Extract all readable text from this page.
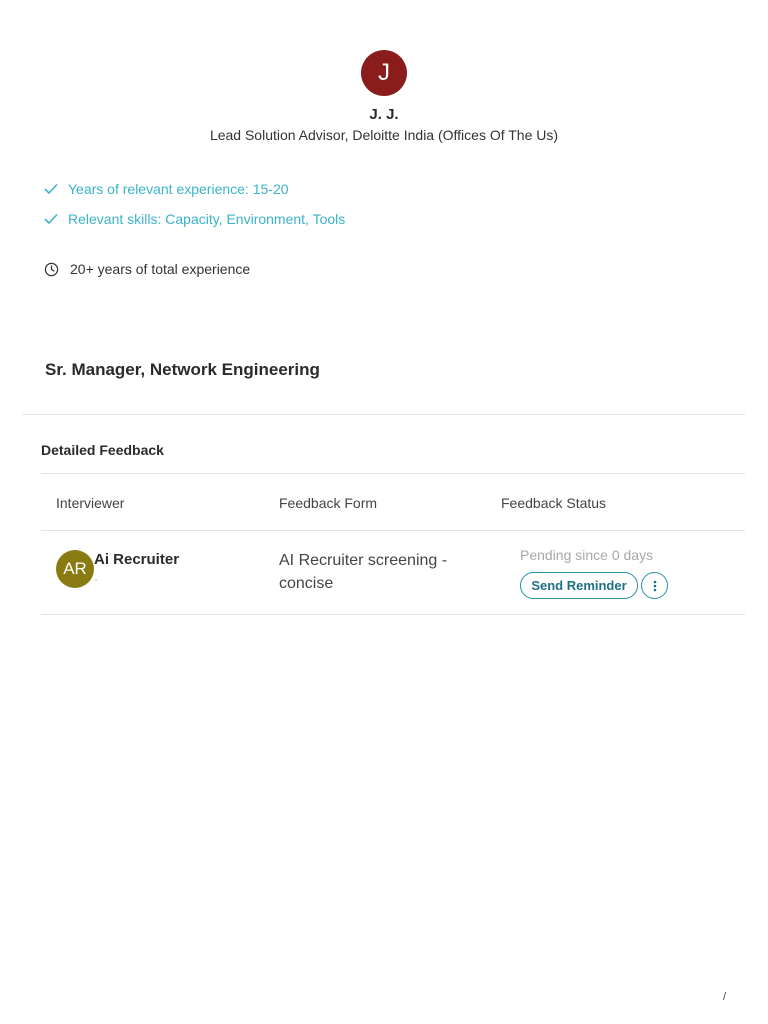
J
J. J.
Lead Solution Advisor, Deloitte India (Offices Of The Us)
Years of relevant experience: 15-20
Relevant skills: Capacity, Environment, Tools
20+ years of total experience
Sr. Manager, Network Engineering
Detailed Feedback
Interviewer	Feedback Form	Feedback Status
AR Ai Recruiter
-
AI Recruiter screening - concise
Pending since 0 days
Send Reminder
/
